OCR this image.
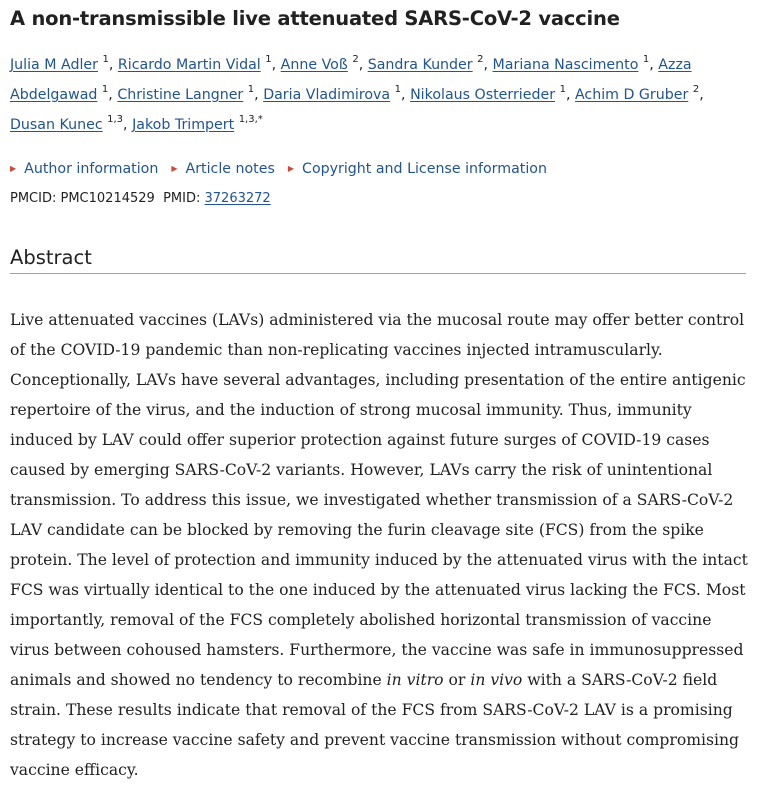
A non-transmissible live attenuated SARS-CoV-2 vaccine
Julia M Adler $^1$, Ricardo Martin Vidal $^1$, Anne Voß $^2$, Sandra Kunder $^2$, Mariana Nascimento $^1$, Azza Abdelgawad $^1$, Christine Langner $^1$, Daria Vladimirova $^1$, Nikolaus Osterrieder $^1$, Achim D Gruber $^2$, Dusan Kunec $^{1,3}$, Jakob Trimpert $^{1,3,*}$
▶ Author information ▶ Article notes ▶ Copyright and License information
PMCID: PMC10214529 PMID: 37263272
Abstract

Live attenuated vaccines (LAVs) administered via the mucosal route may offer better control of the COVID-19 pandemic than non-replicating vaccines injected intramuscularly. Conceptionally, LAVs have several advantages, including presentation of the entire antigenic repertoire of the virus, and the induction of strong mucosal immunity. Thus, immunity induced by LAV could offer superior protection against future surges of COVID-19 cases caused by emerging SARS-CoV-2 variants. However, LAVs carry the risk of unintentional transmission. To address this issue, we investigated whether transmission of a SARS-CoV-2 LAV candidate can be blocked by removing the furin cleavage site (FCS) from the spike protein. The level of protection and immunity induced by the attenuated virus with the intact FCS was virtually identical to the one induced by the attenuated virus lacking the FCS. Most importantly, removal of the FCS completely abolished horizontal transmission of vaccine virus between cohoused hamsters. Furthermore, the vaccine was safe in immunosuppressed animals and showed no tendency to recombine in vitro or in vivo with a SARS-CoV-2 field strain. These results indicate that removal of the FCS from SARS-CoV-2 LAV is a promising strategy to increase vaccine safety and prevent vaccine transmission without compromising vaccine efficacy.
